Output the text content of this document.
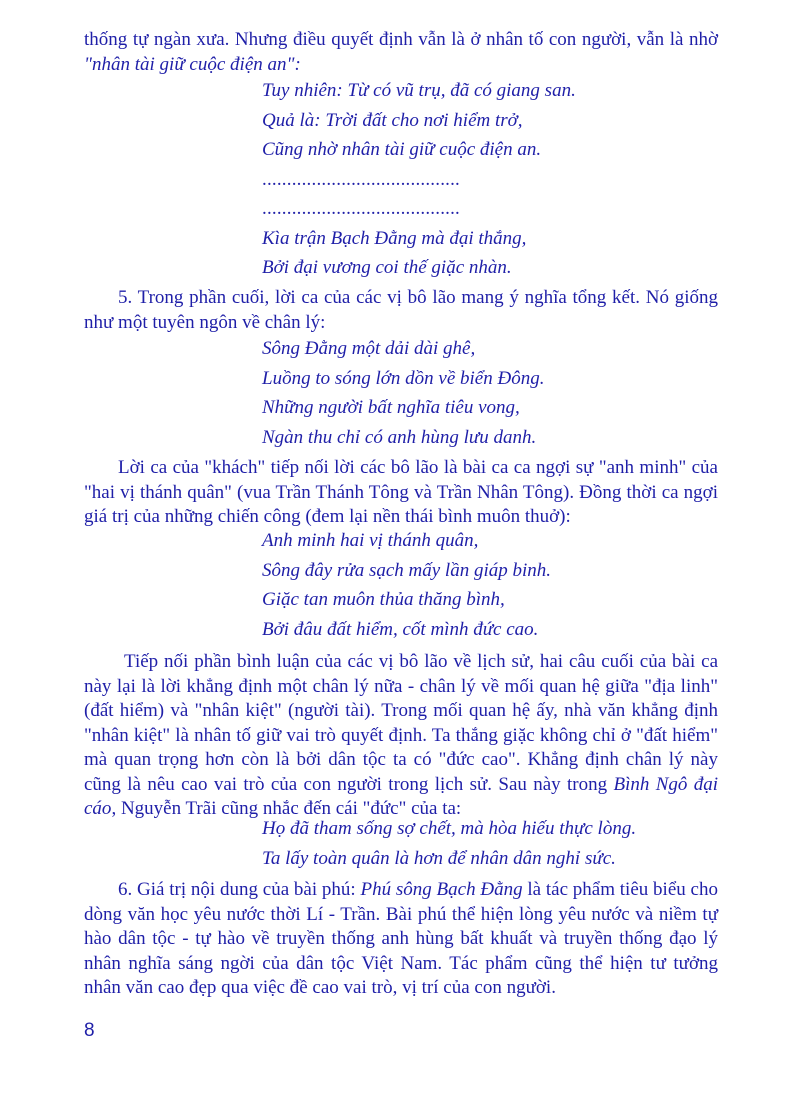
thống tự ngàn xưa. Nhưng điều quyết định vẫn là ở nhân tố con người, vẫn là nhờ
"nhân tài giữ cuộc điện an":

Tuy nhiên: Từ có vũ trụ, đã có giang san.
Quả là: Trời đất cho nơi hiểm trở,
Cũng nhờ nhân tài giữ cuộc điện an.
........................................
........................................
Kìa trận Bạch Đằng mà đại thắng,
Bởi đại vương coi thế giặc nhàn.

5. Trong phần cuối, lời ca của các vị bô lão mang ý nghĩa tổng kết. Nó giống
như một tuyên ngôn về chân lý:

Sông Đằng một dải dài ghê,
Luồng to sóng lớn dồn về biển Đông.
Những người bất nghĩa tiêu vong,
Ngàn thu chỉ có anh hùng lưu danh.

Lời ca của "khách" tiếp nối lời các bô lão là bài ca ca ngợi sự "anh minh" của
"hai vị thánh quân" (vua Trần Thánh Tông và Trần Nhân Tông). Đồng thời ca ngợi
giá trị của những chiến công (đem lại nền thái bình muôn thuở):

Anh minh hai vị thánh quân,
Sông đây rửa sạch mấy lần giáp binh.
Giặc tan muôn thủa thăng bình,
Bởi đâu đất hiểm, cốt mình đức cao.

Tiếp nối phần bình luận của các vị bô lão về lịch sử, hai câu cuối của bài ca
này lại là lời khẳng định một chân lý nữa - chân lý về mối quan hệ giữa "địa linh"
(đất hiểm) và "nhân kiệt" (người tài). Trong mối quan hệ ấy, nhà văn khẳng định
"nhân kiệt" là nhân tố giữ vai trò quyết định. Ta thắng giặc không chỉ ở "đất hiểm"
mà quan trọng hơn còn là bởi dân tộc ta có "đức cao". Khẳng định chân lý này
cũng là nêu cao vai trò của con người trong lịch sử. Sau này trong Bình Ngô đại
cáo, Nguyễn Trãi cũng nhắc đến cái "đức" của ta:

Họ đã tham sống sợ chết, mà hòa hiếu thực lòng.
Ta lấy toàn quân là hơn để nhân dân nghỉ sức.

6. Giá trị nội dung của bài phú: Phú sông Bạch Đằng là tác phẩm tiêu biểu cho
dòng văn học yêu nước thời Lí - Trần. Bài phú thể hiện lòng yêu nước và niềm tự
hào dân tộc - tự hào về truyền thống anh hùng bất khuất và truyền thống đạo lý
nhân nghĩa sáng ngời của dân tộc Việt Nam. Tác phẩm cũng thể hiện tư tưởng
nhân văn cao đẹp qua việc đề cao vai trò, vị trí của con người.

8
